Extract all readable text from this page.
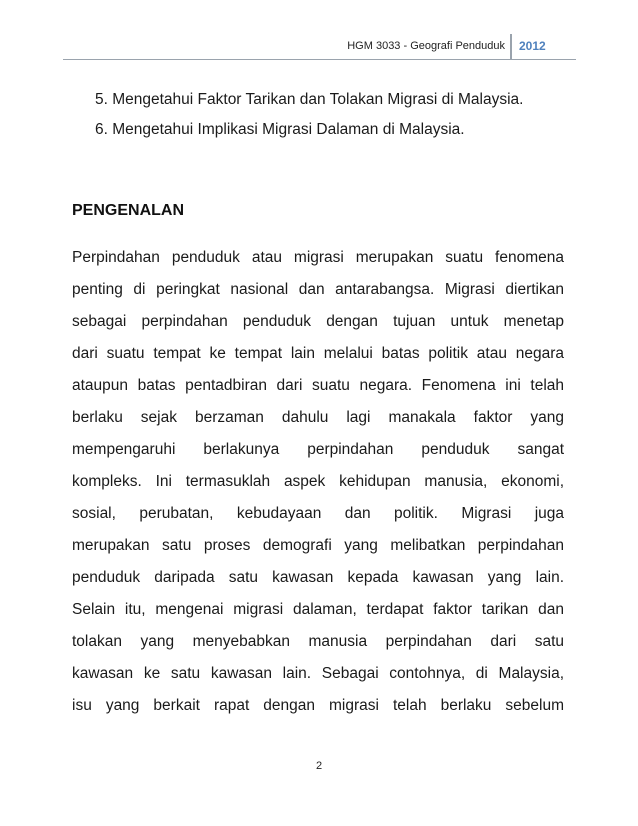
HGM 3033 - Geografi Penduduk 2012
5. Mengetahui Faktor Tarikan dan Tolakan Migrasi di Malaysia.
6. Mengetahui Implikasi Migrasi Dalaman di Malaysia.
PENGENALAN
Perpindahan penduduk atau migrasi merupakan suatu fenomena
penting di peringkat nasional dan antarabangsa. Migrasi diertikan
sebagai perpindahan penduduk dengan tujuan untuk menetap
dari suatu tempat ke tempat lain melalui batas politik atau negara
ataupun batas pentadbiran dari suatu negara. Fenomena ini telah
berlaku sejak berzaman dahulu lagi manakala faktor yang
mempengaruhi berlakunya perpindahan penduduk sangat
kompleks. Ini termasuklah aspek kehidupan manusia, ekonomi,
sosial, perubatan, kebudayaan dan politik. Migrasi juga
merupakan satu proses demografi yang melibatkan perpindahan
penduduk daripada satu kawasan kepada kawasan yang lain.
Selain itu, mengenai migrasi dalaman, terdapat faktor tarikan dan
tolakan yang menyebabkan manusia perpindahan dari satu
kawasan ke satu kawasan lain. Sebagai contohnya, di Malaysia,
isu yang berkait rapat dengan migrasi telah berlaku sebelum
2
